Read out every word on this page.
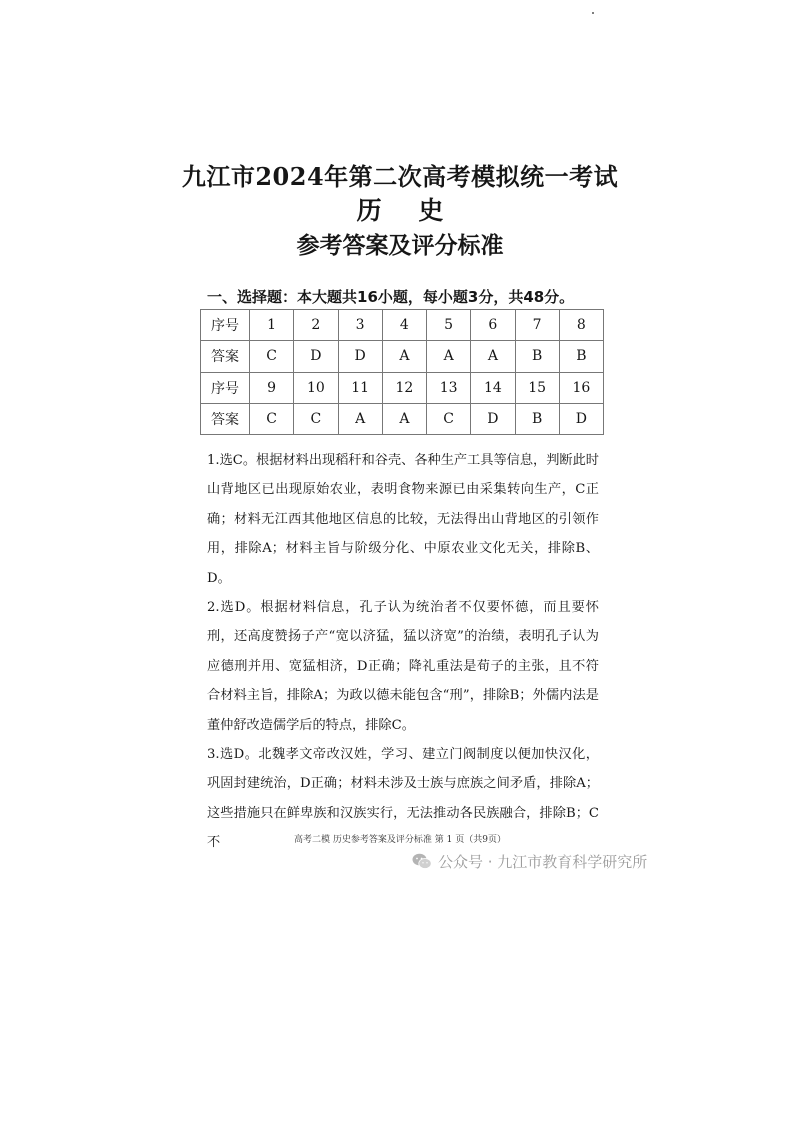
九江市2024年第二次高考模拟统一考试
历 史
参考答案及评分标准
一、选择题：本大题共16小题，每小题3分，共48分。
序号	1	2	3	4	5	6	7	8
答案	C	D	D	A	A	A	B	B
序号	9	10	11	12	13	14	15	16
答案	C	C	A	A	C	D	B	D

1.选C。根据材料出现稻秆和谷壳、各种生产工具等信息，判断此时山背地区已出现原始农业，表明食物来源已由采集转向生产，C正确；材料无江西其他地区信息的比较，无法得出山背地区的引领作用，排除A；材料主旨与阶级分化、中原农业文化无关，排除B、D。

2.选D。根据材料信息，孔子认为统治者不仅要怀德，而且要怀刑，还高度赞扬子产“宽以济猛，猛以济宽”的治绩，表明孔子认为应德刑并用、宽猛相济，D正确；降礼重法是荀子的主张，且不符合材料主旨，排除A；为政以德未能包含“刑”，排除B；外儒内法是董仲舒改造儒学后的特点，排除C。

3.选D。北魏孝文帝改汉姓，学习、建立门阀制度以便加快汉化，巩固封建统治，D正确；材料未涉及士族与庶族之间矛盾，排除A；这些措施只在鲜卑族和汉族实行，无法推动各民族融合，排除B；C不	高考二模 历史参考答案及评分标准 第 1 页（共9页）
公众号 · 九江市教育科学研究所
